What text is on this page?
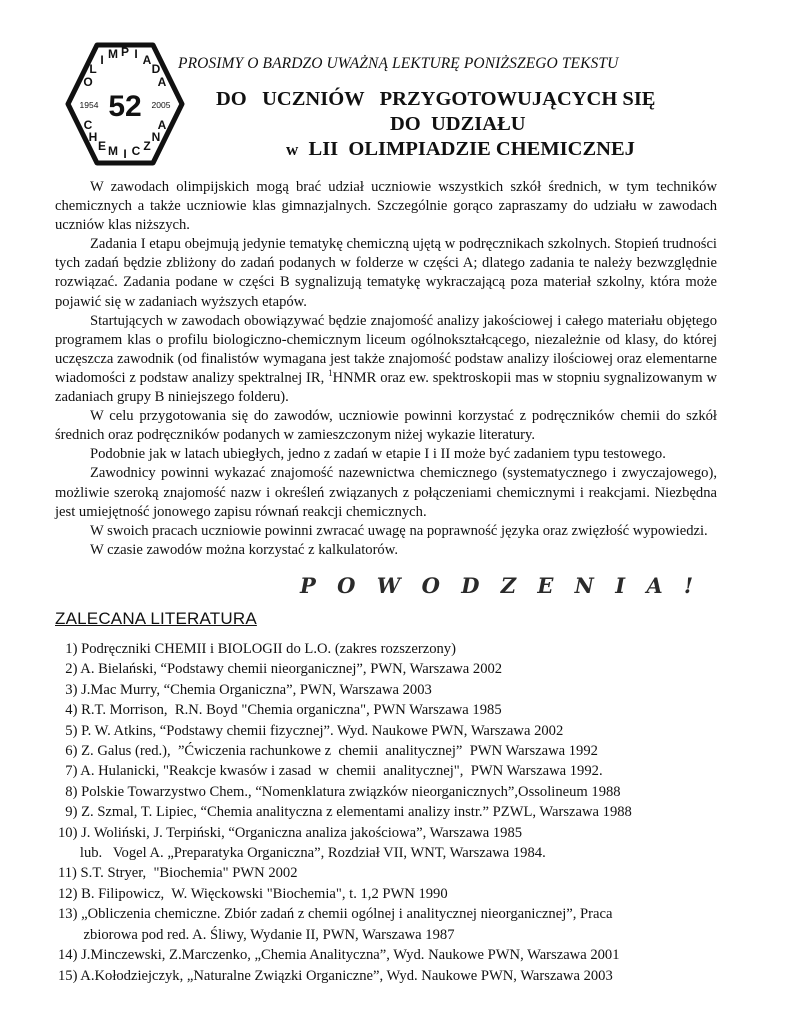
O
L
I M P I A
D
A
C
H
E M I C Z
N
A
52
1954	2005
PROSIMY O BARDZO UWAŻNĄ LEKTURĘ PONIŻSZEGO TEKSTU
DO   UCZNIÓW   PRZYGOTOWUJĄCYCH SIĘ
DO  UDZIAŁU
w  LII  OLIMPIADZIE CHEMICZNEJ

W zawodach olimpijskich mogą brać udział uczniowie wszystkich szkół średnich, w tym techników chemicznych a także uczniowie klas gimnazjalnych. Szczególnie gorąco zapraszamy do udziału w zawodach uczniów klas niższych.

Zadania I etapu obejmują jedynie tematykę chemiczną ujętą w podręcznikach szkolnych. Stopień trudności tych zadań będzie zbliżony do zadań podanych w folderze w części A; dlatego zadania te należy bezwzględnie rozwiązać. Zadania podane w części B sygnalizują tematykę wykraczającą poza materiał szkolny, która może pojawić się w zadaniach wyższych etapów.

Startujących w zawodach obowiązywać będzie znajomość analizy jakościowej i całego materiału objętego programem klas o profilu biologiczno-chemicznym liceum ogólnokształcącego, niezależnie od klasy, do której uczęszcza zawodnik (od finalistów wymagana jest także znajomość podstaw analizy ilościowej oraz elementarne wiadomości z podstaw analizy spektralnej IR, $^1$HNMR oraz ew. spektroskopii mas w stopniu sygnalizowanym w zadaniach grupy B niniejszego folderu).

W celu przygotowania się do zawodów, uczniowie powinni korzystać z podręczników chemii do szkół średnich oraz podręczników podanych w zamieszczonym niżej wykazie literatury.

Podobnie jak w latach ubiegłych, jedno z zadań w etapie I i II może być zadaniem typu testowego.

Zawodnicy powinni wykazać znajomość nazewnictwa chemicznego (systematycznego i zwyczajowego), możliwie szeroką znajomość nazw i określeń związanych z połączeniami chemicznymi i reakcjami. Niezbędna jest umiejętność jonowego zapisu równań reakcji chemicznych.

W swoich pracach uczniowie powinni zwracać uwagę na poprawność języka oraz zwięzłość wypowiedzi.

W czasie zawodów można korzystać z kalkulatorów.

P O W O D Z E N I A !
ZALECANA LITERATURA
1) Podręczniki CHEMII i BIOLOGII do L.O. (zakres rozszerzony)
2) A. Bielański, “Podstawy chemii nieorganicznej”, PWN, Warszawa 2002
3) J.Mac Murry, “Chemia Organiczna”, PWN, Warszawa 2003
4) R.T. Morrison,  R.N. Boyd "Chemia organiczna", PWN Warszawa 1985
5) P. W. Atkins, “Podstawy chemii fizycznej”. Wyd. Naukowe PWN, Warszawa 2002
6) Z. Galus (red.),  ”Ćwiczenia rachunkowe z  chemii  analitycznej”  PWN Warszawa 1992
7) A. Hulanicki, "Reakcje kwasów i zasad  w  chemii  analitycznej",  PWN Warszawa 1992.
8) Polskie Towarzystwo Chem., “Nomenklatura związków nieorganicznych”,Ossolineum 1988
9) Z. Szmal, T. Lipiec, “Chemia analityczna z elementami analizy instr.” PZWL, Warszawa 1988
10) J. Woliński, J. Terpiński, “Organiczna analiza jakościowa”, Warszawa 1985
lub.   Vogel A. „Preparatyka Organiczna”, Rozdział VII, WNT, Warszawa 1984.
11) S.T. Stryer,  "Biochemia" PWN 2002
12) B. Filipowicz,  W. Więckowski "Biochemia", t. 1,2 PWN 1990
13) „Obliczenia chemiczne. Zbiór zadań z chemii ogólnej i analitycznej nieorganicznej”, Praca
zbiorowa pod red. A. Śliwy, Wydanie II, PWN, Warszawa 1987
14) J.Minczewski, Z.Marczenko, „Chemia Analityczna”, Wyd. Naukowe PWN, Warszawa 2001
15) A.Kołodziejczyk, „Naturalne Związki Organiczne”, Wyd. Naukowe PWN, Warszawa 2003
